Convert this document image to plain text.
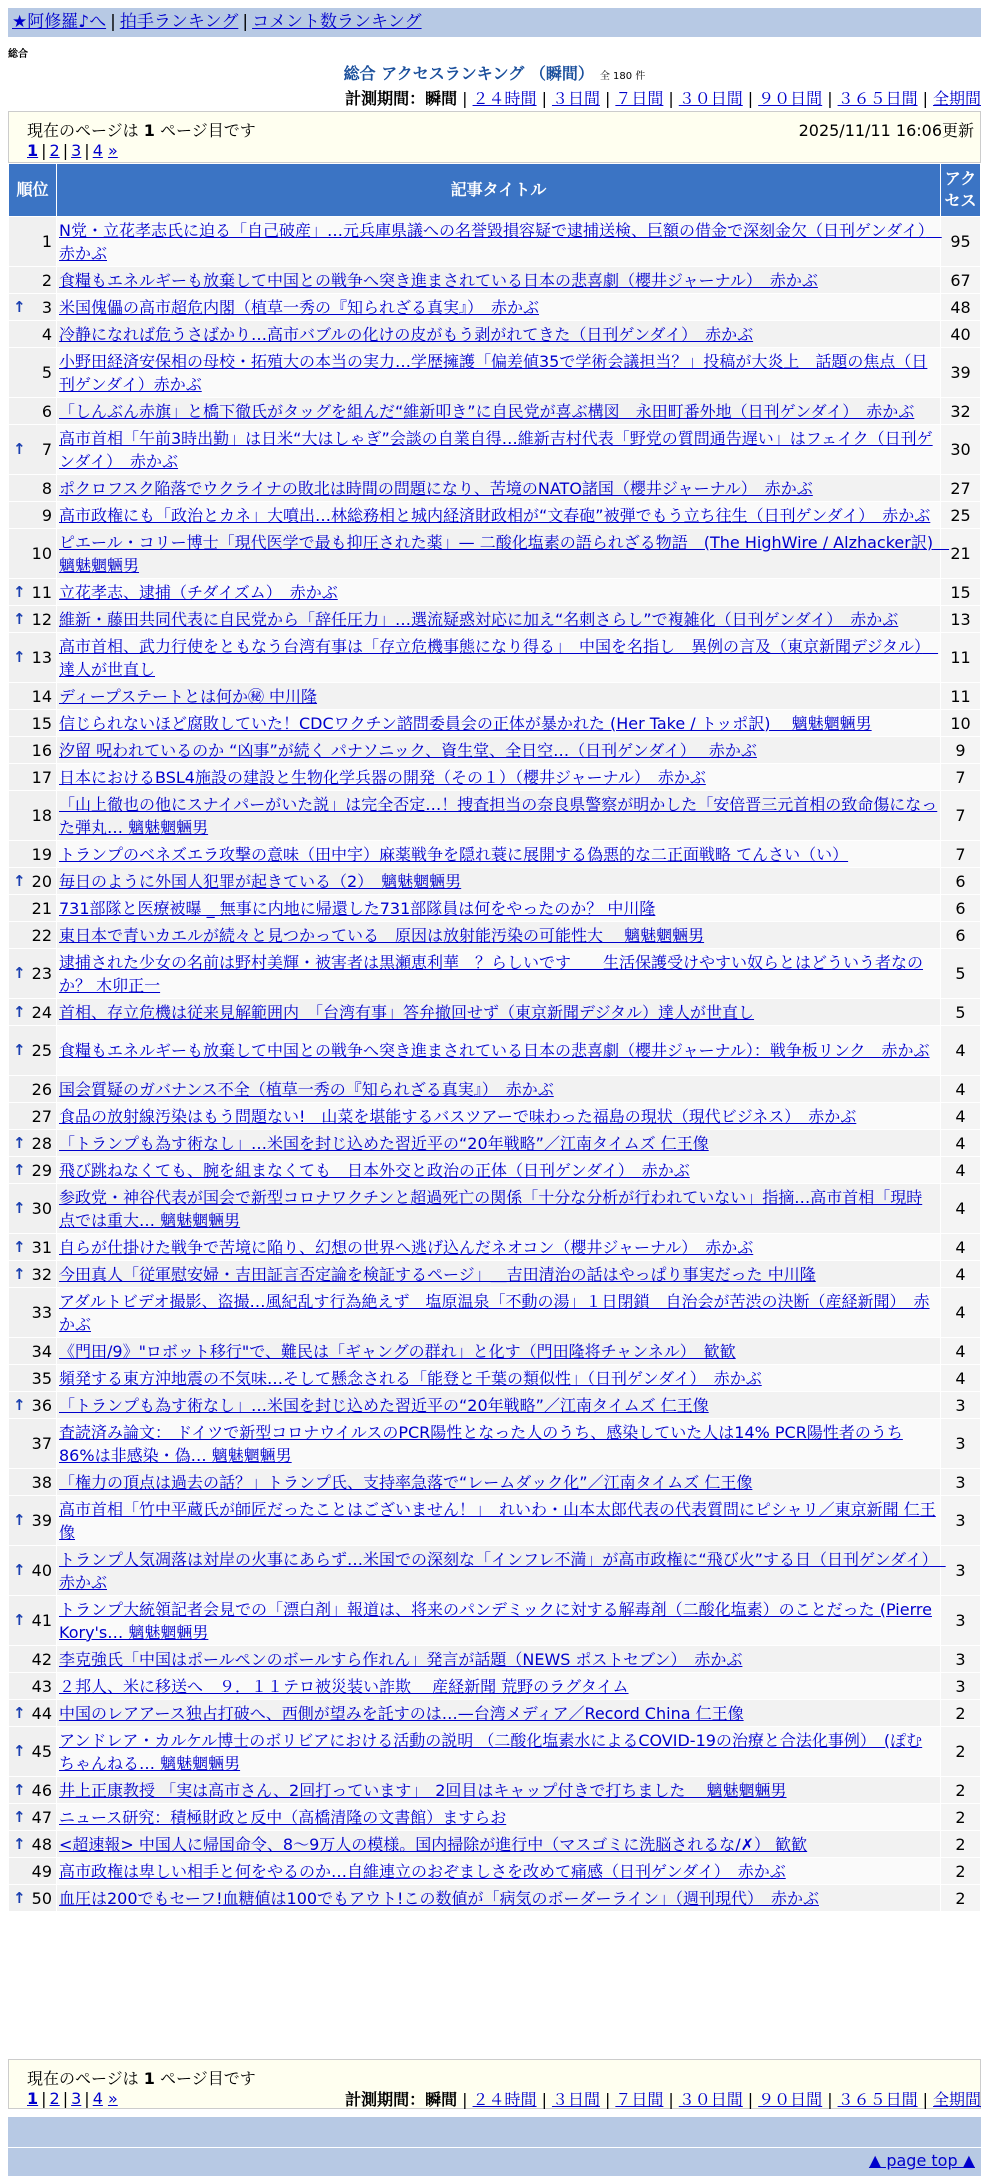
★阿修羅♪へ | 拍手ランキング | コメント数ランキング
総合
総合 アクセスランキング （瞬間） 全 180 件
計測期間：瞬間 | ２４時間 | ３日間 | ７日間 | ３０日間 | ９０日間 | ３６５日間 | 全期間
現在のページは 1 ページ目です	2025/11/11 16:06更新
1 | 2 | 3 | 4 »
順位	記事タイトル	アクセス
1	N党・立花孝志氏に迫る「自己破産」…元兵庫県議への名誉毀損容疑で逮捕送検、巨額の借金で深刻金欠（日刊ゲンダイ）　赤かぶ	95
2	食糧もエネルギーも放棄して中国との戦争へ突き進まされている日本の悲喜劇（櫻井ジャーナル）　赤かぶ	67

↑ 3	米国傀儡の高市超危内閣（植草一秀の『知られざる真実』）　赤かぶ	48
4	冷静になれば危うさばかり…高市バブルの化けの皮がもう剥がれてきた（日刊ゲンダイ）　赤かぶ	40
5	小野田経済安保相の母校・拓殖大の本当の実力…学歴擁護「偏差値35で学術会議担当？」投稿が大炎上　話題の焦点（日刊ゲンダイ）赤かぶ	39
6	「しんぶん赤旗」と橋下徹氏がタッグを組んだ“維新叩き”に自民党が喜ぶ構図　永田町番外地（日刊ゲンダイ）　赤かぶ	32

↑ 7	高市首相「午前3時出勤」は日米“大はしゃぎ”会談の自業自得…維新吉村代表「野党の質問通告遅い」はフェイク（日刊ゲンダイ）　赤かぶ	30
8	ポクロフスク陥落でウクライナの敗北は時間の問題になり、苦境のNATO諸国（櫻井ジャーナル）　赤かぶ	27
9	高市政権にも「政治とカネ」大噴出…林総務相と城内経済財政相が“文春砲”被弾でもう立ち往生（日刊ゲンダイ）　赤かぶ	25
10	ピエール・コリー博士「現代医学で最も抑圧された薬」— 二酸化塩素の語られざる物語　(The HighWire / Alzhacker訳)　魑魅魍魎男	21

↑ 11	立花孝志、逮捕（チダイズム）　赤かぶ	15

↑ 12	維新・藤田共同代表に自民党から「辞任圧力」…選流疑惑対応に加え“名刺さらし”で複雑化（日刊ゲンダイ）　赤かぶ	13

↑ 13	高市首相、武力行使をともなう台湾有事は「存立危機事態になり得る」　中国を名指し　異例の言及（東京新聞デジタル）　達人が世直し	11
14	ディープステートとは何か㊙ 中川隆	11
15	信じられないほど腐敗していた！CDCワクチン諮問委員会の正体が暴かれた (Her Take / トッポ訳)　 魑魅魍魎男	10
16	汐留 呪われているのか “凶事”が続く パナソニック、資生堂、全日空…（日刊ゲンダイ）　 赤かぶ	9
17	日本におけるBSL4施設の建設と生物化学兵器の開発（その１）（櫻井ジャーナル）　赤かぶ	7
18	「山上徹也の他にスナイパーがいた説」は完全否定…！捜査担当の奈良県警察が明かした「安倍晋三元首相の致命傷になった弾丸… 魑魅魍魎男	7
19	トランプのベネズエラ攻撃の意味（田中宇）麻薬戦争を隠れ蓑に展開する偽悪的な二正面戦略 てんさい（い）	7

↑ 20	毎日のように外国人犯罪が起きている（2）　魑魅魍魎男	6
21	731部隊と医療被曝 _ 無事に内地に帰還した731部隊員は何をやったのか？ 中川隆	6
22	東日本で青いカエルが続々と見つかっている　原因は放射能汚染の可能性大　 魑魅魍魎男	6

↑ 23	逮捕された少女の名前は野村美輝・被害者は黒瀬恵利華　？らしいです　　生活保護受けやすい奴らとはどういう者なのか？ 木卯正一	5

↑ 24	首相、存立危機は従来見解範囲内　「台湾有事」答弁撤回せず（東京新聞デジタル）達人が世直し	5

↑ 25	食糧もエネルギーも放棄して中国との戦争へ突き進まされている日本の悲喜劇（櫻井ジャーナル）：戦争板リンク　赤かぶ	4
26	国会質疑のガバナンス不全（植草一秀の『知られざる真実』）　赤かぶ	4
27	食品の放射線汚染はもう問題ない!　山菜を堪能するバスツアーで味わった福島の現状（現代ビジネス）　赤かぶ	4

↑ 28	「トランプも為す術なし」…米国を封じ込めた習近平の“20年戦略”／江南タイムズ 仁王像	4

↑ 29	飛び跳ねなくても、腕を組まなくても　日本外交と政治の正体（日刊ゲンダイ）　赤かぶ	4

↑ 30	参政党・神谷代表が国会で新型コロナワクチンと超過死亡の関係「十分な分析が行われていない」指摘…高市首相「現時点では重大… 魑魅魍魎男	4

↑ 31	自らが仕掛けた戦争で苦境に陥り、幻想の世界へ逃げ込んだネオコン（櫻井ジャーナル）　赤かぶ	4

↑ 32	今田真人「従軍慰安婦・吉田証言否定論を検証するページ」＿吉田清治の話はやっぱり事実だった 中川隆	4
33	アダルトビデオ撮影、盗撮…風紀乱す行為絶えず　塩原温泉「不動の湯」１日閉鎖　自治会が苦渋の決断（産経新聞）　赤かぶ	4
34	《門田/9》"ロボット移行"で、難民は「ギャングの群れ」と化す（門田隆将チャンネル）　歓歓	4
35	頻発する東方沖地震の不気味…そして懸念される「能登と千葉の類似性」（日刊ゲンダイ）　赤かぶ	4

↑ 36	「トランプも為す術なし」…米国を封じ込めた習近平の“20年戦略”／江南タイムズ 仁王像	3
37	査読済み論文： ドイツで新型コロナウイルスのPCR陽性となった人のうち、感染していた人は14% PCR陽性者のうち86%は非感染・偽… 魑魅魍魎男	3
38	「権力の頂点は過去の話？」トランプ氏、支持率急落で“レームダック化”／江南タイムズ 仁王像	3

↑ 39	高市首相「竹中平蔵氏が師匠だったことはございません！」　れいわ・山本太郎代表の代表質問にピシャリ／東京新聞 仁王像	3

↑ 40	トランプ人気凋落は対岸の火事にあらず…米国での深刻な「インフレ不満」が高市政権に“飛び火”する日（日刊ゲンダイ）　赤かぶ	3

↑ 41	トランプ大統領記者会見での「漂白剤」報道は、将来のパンデミックに対する解毒剤（二酸化塩素）のことだった (Pierre Kory's… 魑魅魍魎男	3
42	李克強氏「中国はポールペンのボールすら作れん」発言が話題（NEWS ポストセブン）　赤かぶ	3
43	２邦人、米に移送へ　９．１１テロ被災装い詐欺　 産経新聞 荒野のラグタイム	3

↑ 44	中国のレアアース独占打破へ、西側が望みを託すのは…—台湾メディア／Record China 仁王像	2

↑ 45	アンドレア・カルケル博士のボリビアにおける活動の説明 （二酸化塩素水によるCOVID-19の治療と合法化事例）　(ぽむちゃんねる… 魑魅魍魎男	2

↑ 46	井上正康教授 「実は高市さん、2回打っています」　2回目はキャップ付きで打ちました　 魑魅魍魎男	2

↑ 47	ニュース研究：積極財政と反中（高橋清隆の文書館）ますらお	2

↑ 48	<超速報> 中国人に帰国命令、8～9万人の模様。国内掃除が進行中（マスゴミに洗脳されるな/✗） 歓歓	2
49	高市政権は卑しい相手と何をやるのか…自維連立のおぞましさを改めて痛感（日刊ゲンダイ）　赤かぶ	2

↑ 50	血圧は200でもセーフ!血糖値は100でもアウト!この数値が「病気のボーダーライン」（週刊現代）　赤かぶ	2
現在のページは 1 ページ目です
1 | 2 | 3 | 4 »	計測期間：瞬間 | ２４時間 | ３日間 | ７日間 | ３０日間 | ９０日間 | ３６５日間 | 全期間
▲ page top ▲
